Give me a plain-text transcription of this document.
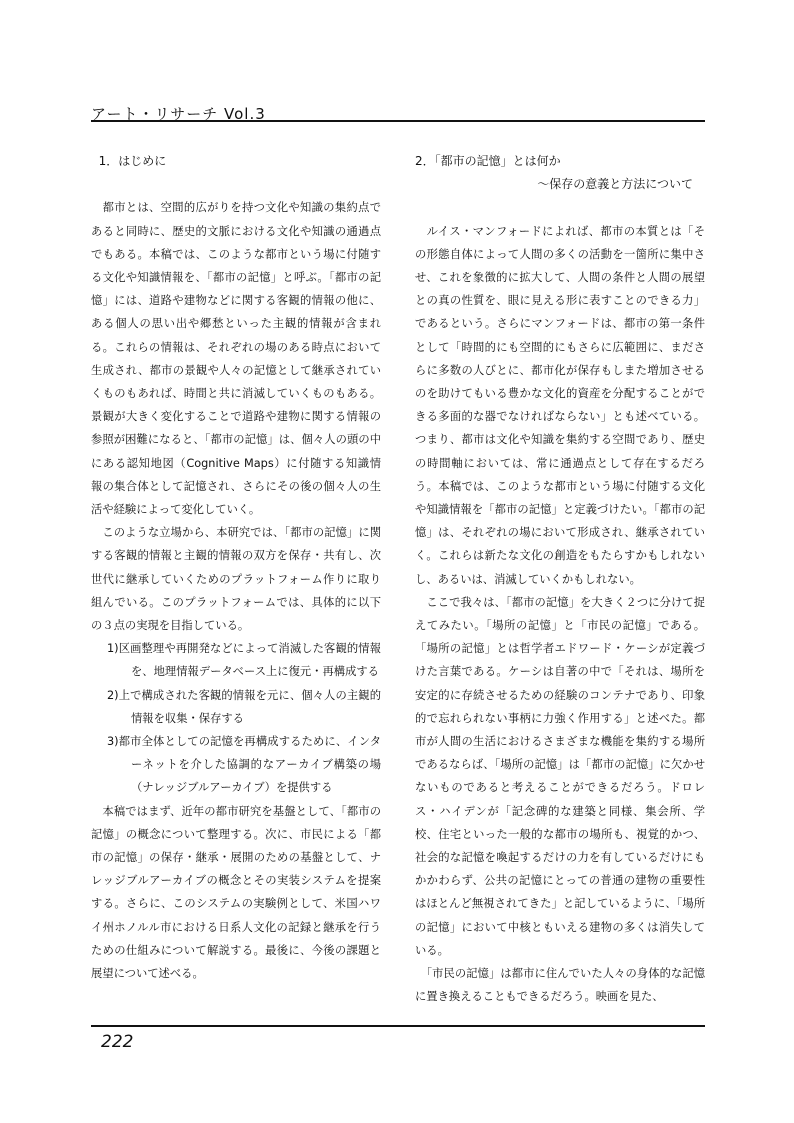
アート・リサーチ Vol.3
1．はじめに

　都市とは、空間的広がりを持つ文化や知識の集約点であると同時に、歴史的文脈における文化や知識の通過点でもある。本稿では、このような都市という場に付随する文化や知識情報を、「都市の記憶」と呼ぶ。「都市の記憶」には、道路や建物などに関する客観的情報の他に、ある個人の思い出や郷愁といった主観的情報が含まれる。これらの情報は、それぞれの場のある時点において生成され、都市の景観や人々の記憶として継承されていくものもあれば、時間と共に消滅していくものもある。景観が大きく変化することで道路や建物に関する情報の参照が困難になると、「都市の記憶」は、個々人の頭の中にある認知地図（Cognitive Maps）に付随する知識情報の集合体として記憶され、さらにその後の個々人の生活や経験によって変化していく。

　このような立場から、本研究では、「都市の記憶」に関する客観的情報と主観的情報の双方を保存・共有し、次世代に継承していくためのプラットフォーム作りに取り組んでいる。このプラットフォームでは、具体的に以下の３点の実現を目指している。

1)区画整理や再開発などによって消滅した客観的情報を、地理情報データベース上に復元・再構成する
2)上で構成された客観的情報を元に、個々人の主観的情報を収集・保存する
3)都市全体としての記憶を再構成するために、インターネットを介した協調的なアーカイブ構築の場（ナレッジブルアーカイブ）を提供する

　本稿ではまず、近年の都市研究を基盤として、「都市の記憶」の概念について整理する。次に、市民による「都市の記憶」の保存・継承・展開のための基盤として、ナレッジブルアーカイブの概念とその実装システムを提案する。さらに、このシステムの実験例として、米国ハワイ州ホノルル市における日系人文化の記録と継承を行うための仕組みについて解説する。最後に、今後の課題と展望について述べる。

2．「都市の記憶」とは何か
～保存の意義と方法について

　ルイス・マンフォードによれば、都市の本質とは「その形態自体によって人間の多くの活動を一箇所に集中させ、これを象徴的に拡大して、人間の条件と人間の展望との真の性質を、眼に見える形に表すことのできる力」であるという。さらにマンフォードは、都市の第一条件として「時間的にも空間的にもさらに広範囲に、まださらに多数の人びとに、都市化が保存もしまた増加させるのを助けてもいる豊かな文化的資産を分配することができる多面的な器でなければならない」とも述べている。つまり、都市は文化や知識を集約する空間であり、歴史の時間軸においては、常に通過点として存在するだろう。本稿では、このような都市という場に付随する文化や知識情報を「都市の記憶」と定義づけたい。「都市の記憶」は、それぞれの場において形成され、継承されていく。これらは新たな文化の創造をもたらすかもしれないし、あるいは、消滅していくかもしれない。

　ここで我々は、「都市の記憶」を大きく２つに分けて捉えてみたい。「場所の記憶」と「市民の記憶」である。「場所の記憶」とは哲学者エドワード・ケーシが定義づけた言葉である。ケーシは自著の中で「それは、場所を安定的に存続させるための経験のコンテナであり、印象的で忘れられない事柄に力強く作用する」と述べた。都市が人間の生活におけるさまざまな機能を集約する場所であるならば、「場所の記憶」は「都市の記憶」に欠かせないものであると考えることができるだろう。ドロレス・ハイデンが「記念碑的な建築と同様、集会所、学校、住宅といった一般的な都市の場所も、視覚的かつ、社会的な記憶を喚起するだけの力を有しているだけにもかかわらず、公共の記憶にとっての普通の建物の重要性はほとんど無視されてきた」と記しているように、「場所の記憶」において中核ともいえる建物の多くは消失している。

　「市民の記憶」は都市に住んでいた人々の身体的な記憶に置き換えることもできるだろう。映画を見た、

222
